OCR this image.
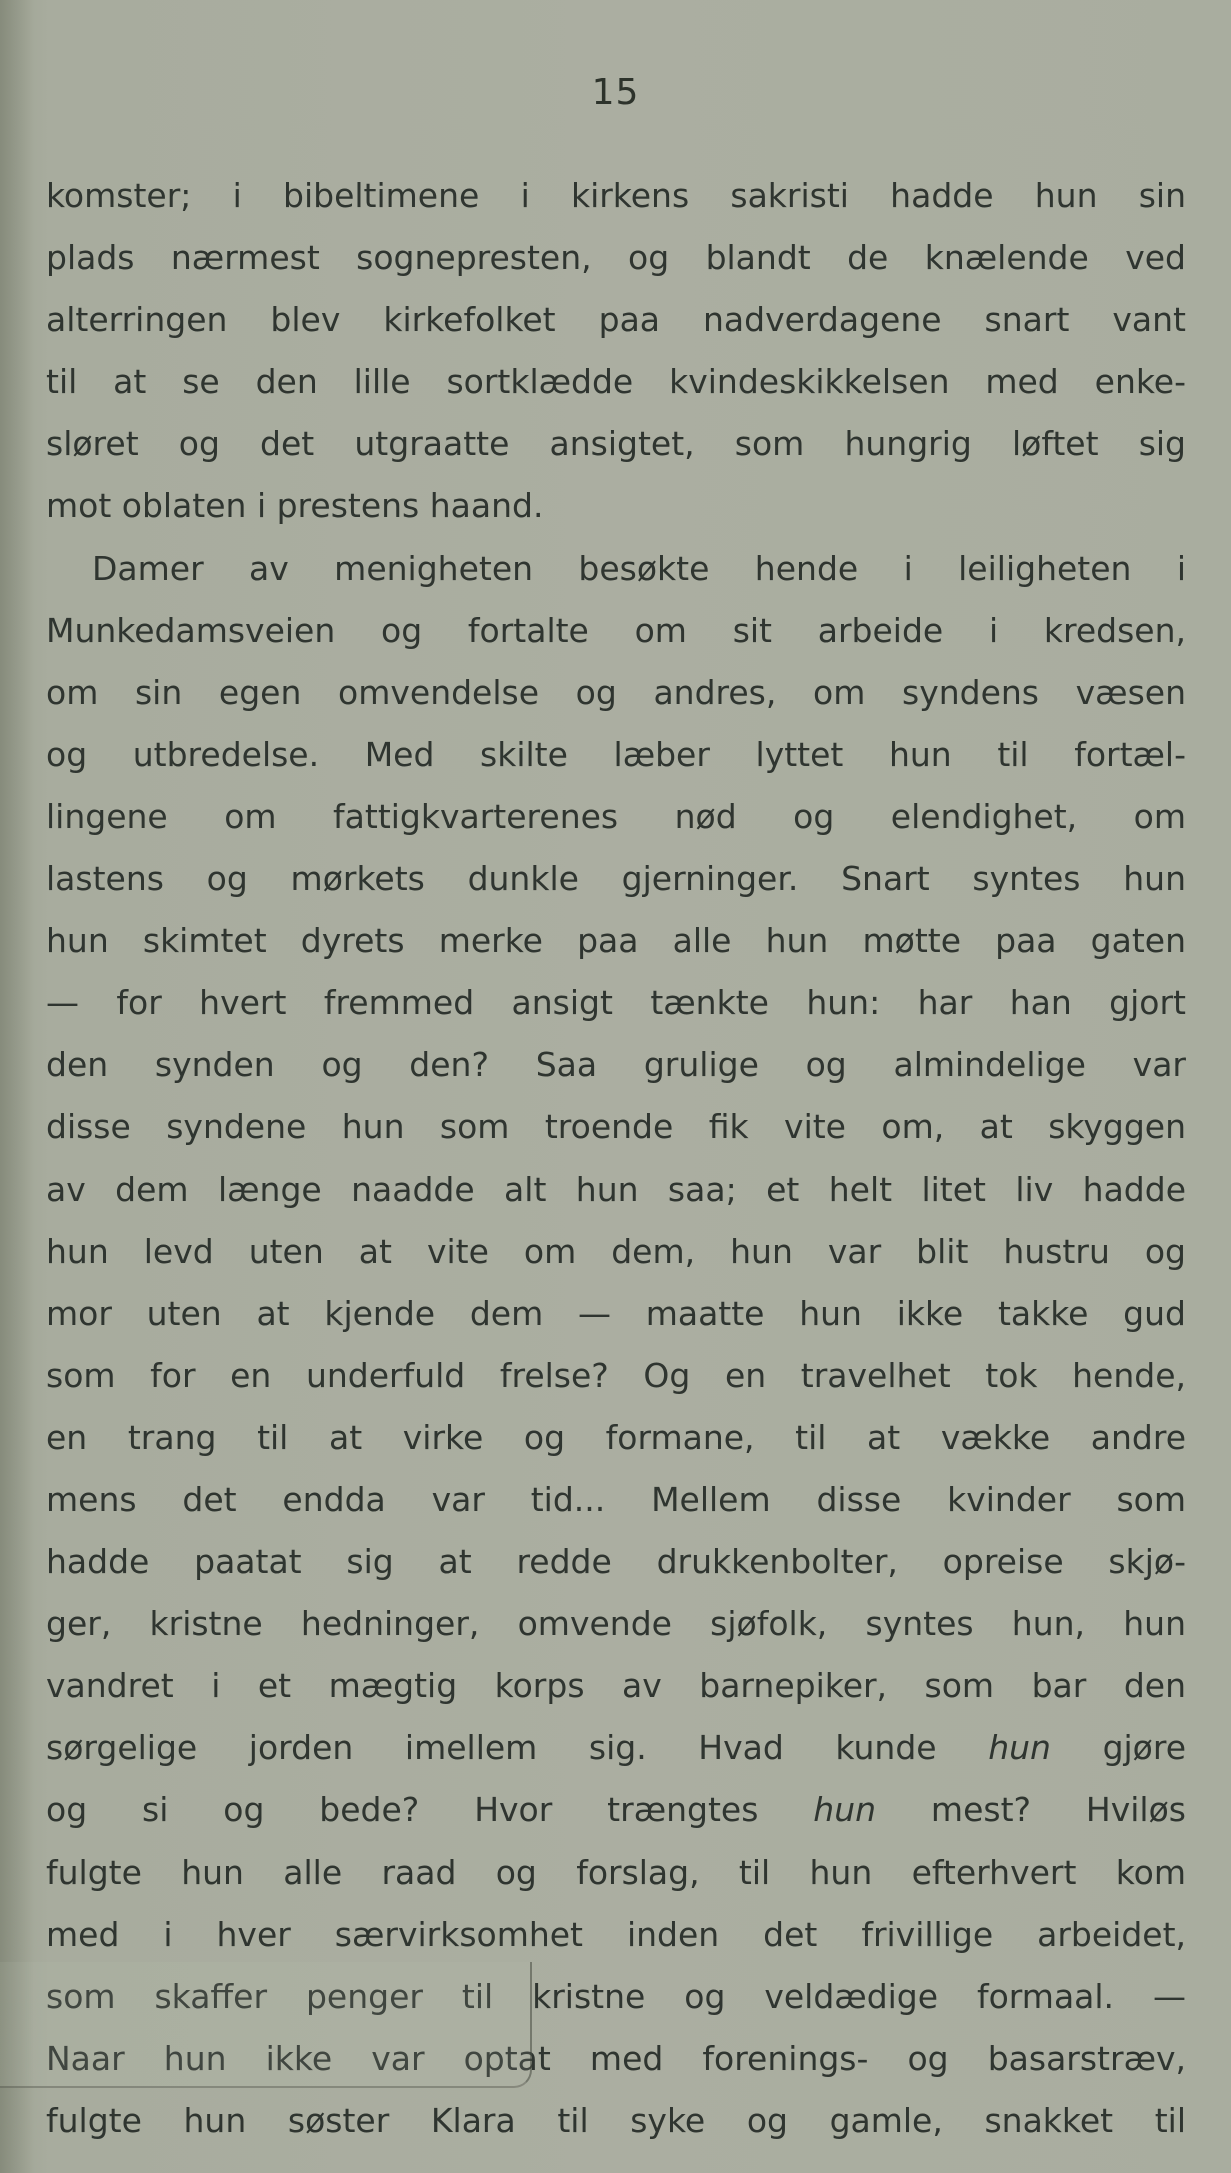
15
komster; i bibeltimene i kirkens sakristi hadde hun sin
plads nærmest sognepresten, og blandt de knælende ved
alterringen blev kirkefolket paa nadverdagene snart vant
til at se den lille sortklædde kvindeskikkelsen med enke-
sløret og det utgraatte ansigtet, som hungrig løftet sig
mot oblaten i prestens haand.
Damer av menigheten besøkte hende i leiligheten i
Munkedamsveien og fortalte om sit arbeide i kredsen,
om sin egen omvendelse og andres, om syndens væsen
og utbredelse. Med skilte læber lyttet hun til fortæl-
lingene om fattigkvarterenes nød og elendighet, om
lastens og mørkets dunkle gjerninger. Snart syntes hun
hun skimtet dyrets merke paa alle hun møtte paa gaten
— for hvert fremmed ansigt tænkte hun: har han gjort
den synden og den? Saa grulige og almindelige var
disse syndene hun som troende fik vite om, at skyggen
av dem længe naadde alt hun saa; et helt litet liv hadde
hun levd uten at vite om dem, hun var blit hustru og
mor uten at kjende dem — maatte hun ikke takke gud
som for en underfuld frelse? Og en travelhet tok hende,
en trang til at virke og formane, til at vække andre
mens det endda var tid... Mellem disse kvinder som
hadde paatat sig at redde drukkenbolter, opreise skjø-
ger, kristne hedninger, omvende sjøfolk, syntes hun, hun
vandret i et mægtig korps av barnepiker, som bar den
sørgelige jorden imellem sig. Hvad kunde hun gjøre
og si og bede? Hvor trængtes hun mest? Hviløs
fulgte hun alle raad og forslag, til hun efterhvert kom
med i hver særvirksomhet inden det frivillige arbeidet,
som skaffer penger til kristne og veldædige formaal. —
Naar hun ikke var optat med forenings- og basarstræv,
fulgte hun søster Klara til syke og gamle, snakket til
